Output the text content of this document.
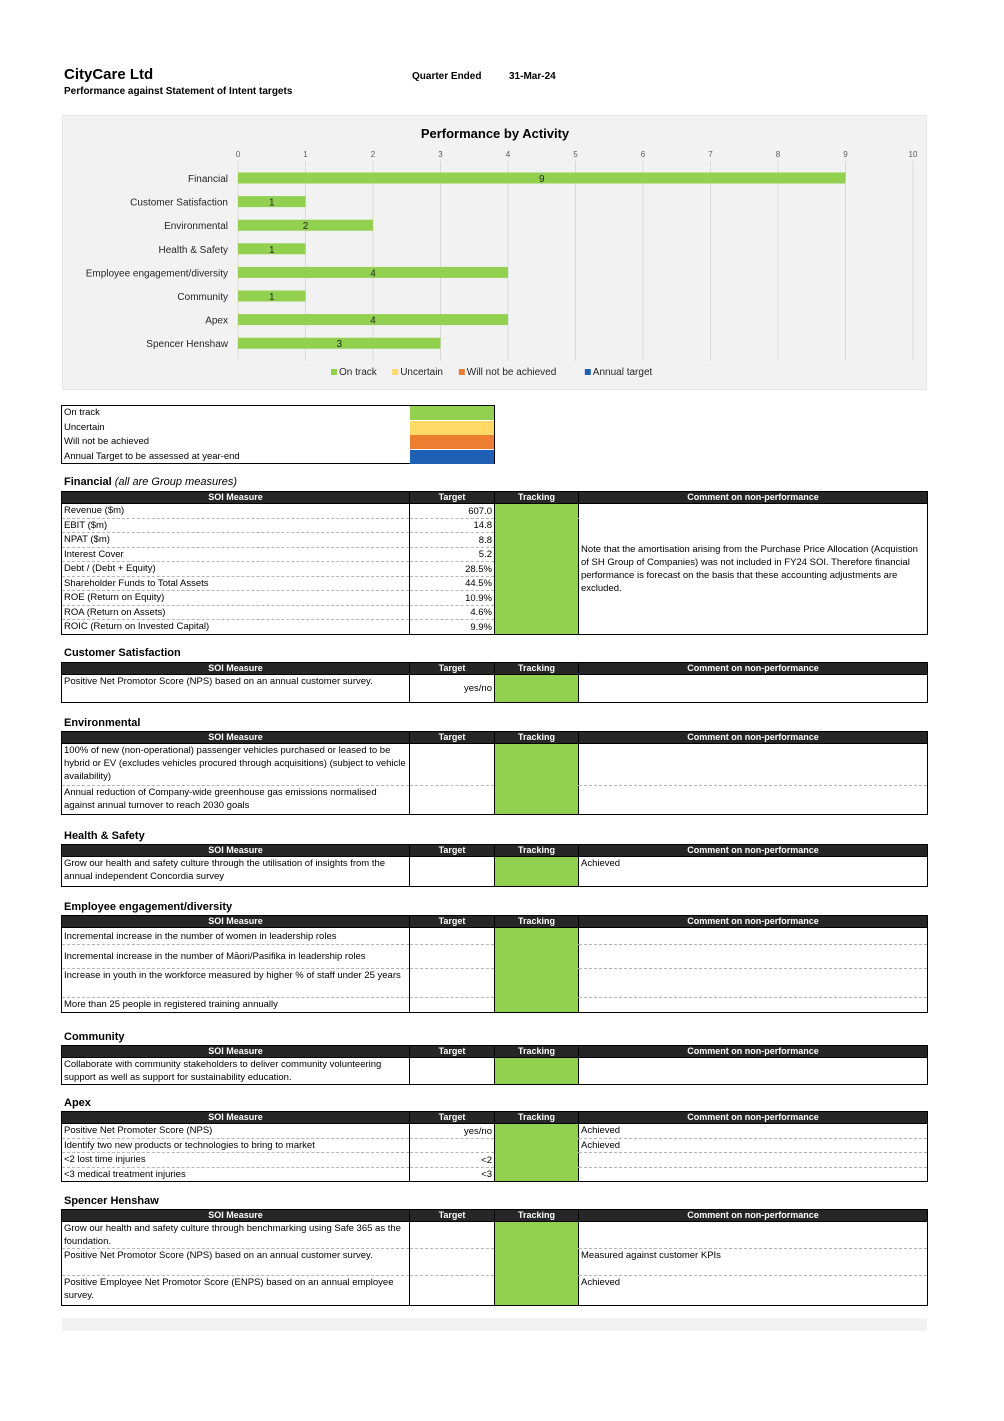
CityCare Ltd
Performance against Statement of Intent targets
Quarter Ended	31-Mar-24
Performance by Activity
0	1	2	3	4	5	6	7	8	9	10
Financial	9
Customer Satisfaction	1
Environmental	2
Health & Safety	1
Employee engagement/diversity	4
Community	1
Apex	4
Spencer Henshaw	3
On track Uncertain Will not be achieved	Annual target
On track
Uncertain
Will not be achieved
Annual Target to be assessed at year-end
Financial (all are Group measures)
SOI Measure	Target	Tracking	Comment on non-performance
Revenue ($m)	607.0		Note that the amortisation arising from the Purchase Price Allocation (Acquistion of SH Group of Companies) was not included in FY24 SOI. Therefore financial performance is forecast on the basis that these accounting adjustments are excluded.
EBIT ($m)	14.8		
NPAT ($m)	8.8		
Interest Cover	5.2		
Debt / (Debt + Equity)	28.5%		
Shareholder Funds to Total Assets	44.5%		
ROE (Return on Equity)	10.9%		
ROA (Return on Assets)	4.6%		
ROIC (Return on Invested Capital)	9.9%		
Customer Satisfaction
SOI Measure	Target	Tracking	Comment on non-performance
Positive Net Promotor Score (NPS) based on an annual customer survey.	yes/no		
Environmental
SOI Measure	Target	Tracking	Comment on non-performance
100% of new (non-operational) passenger vehicles purchased or leased to be hybrid or EV (excludes vehicles procured through acquisitions) (subject to vehicle availability)			
Annual reduction of Company-wide greenhouse gas emissions normalised against annual turnover to reach 2030 goals			
Health & Safety
SOI Measure	Target	Tracking	Comment on non-performance
Grow our health and safety culture through the utilisation of insights from the annual independent Concordia survey			Achieved
Employee engagement/diversity
SOI Measure	Target	Tracking	Comment on non-performance
Incremental increase in the number of women in leadership roles			
Incremental increase in the number of Māori/Pasifika in leadership roles			
Increase in youth in the workforce measured by higher % of staff under 25 years			
More than 25 people in registered training annually			
Community
SOI Measure	Target	Tracking	Comment on non-performance
Collaborate with community stakeholders to deliver community volunteering support as well as support for sustainability education.			
Apex
SOI Measure	Target	Tracking	Comment on non-performance
Positive Net Promoter Score (NPS)	yes/no		Achieved
Identify two new products or technologies to bring to market			Achieved
<2 lost time injuries	<2		
<3 medical treatment injuries	<3		
Spencer Henshaw
SOI Measure	Target	Tracking	Comment on non-performance
Grow our health and safety culture through benchmarking using Safe 365 as the foundation.			
Positive Net Promotor Score (NPS) based on an annual customer survey.			Measured against customer KPIs
Positive Employee Net Promotor Score (ENPS) based on an annual employee survey.			Achieved
